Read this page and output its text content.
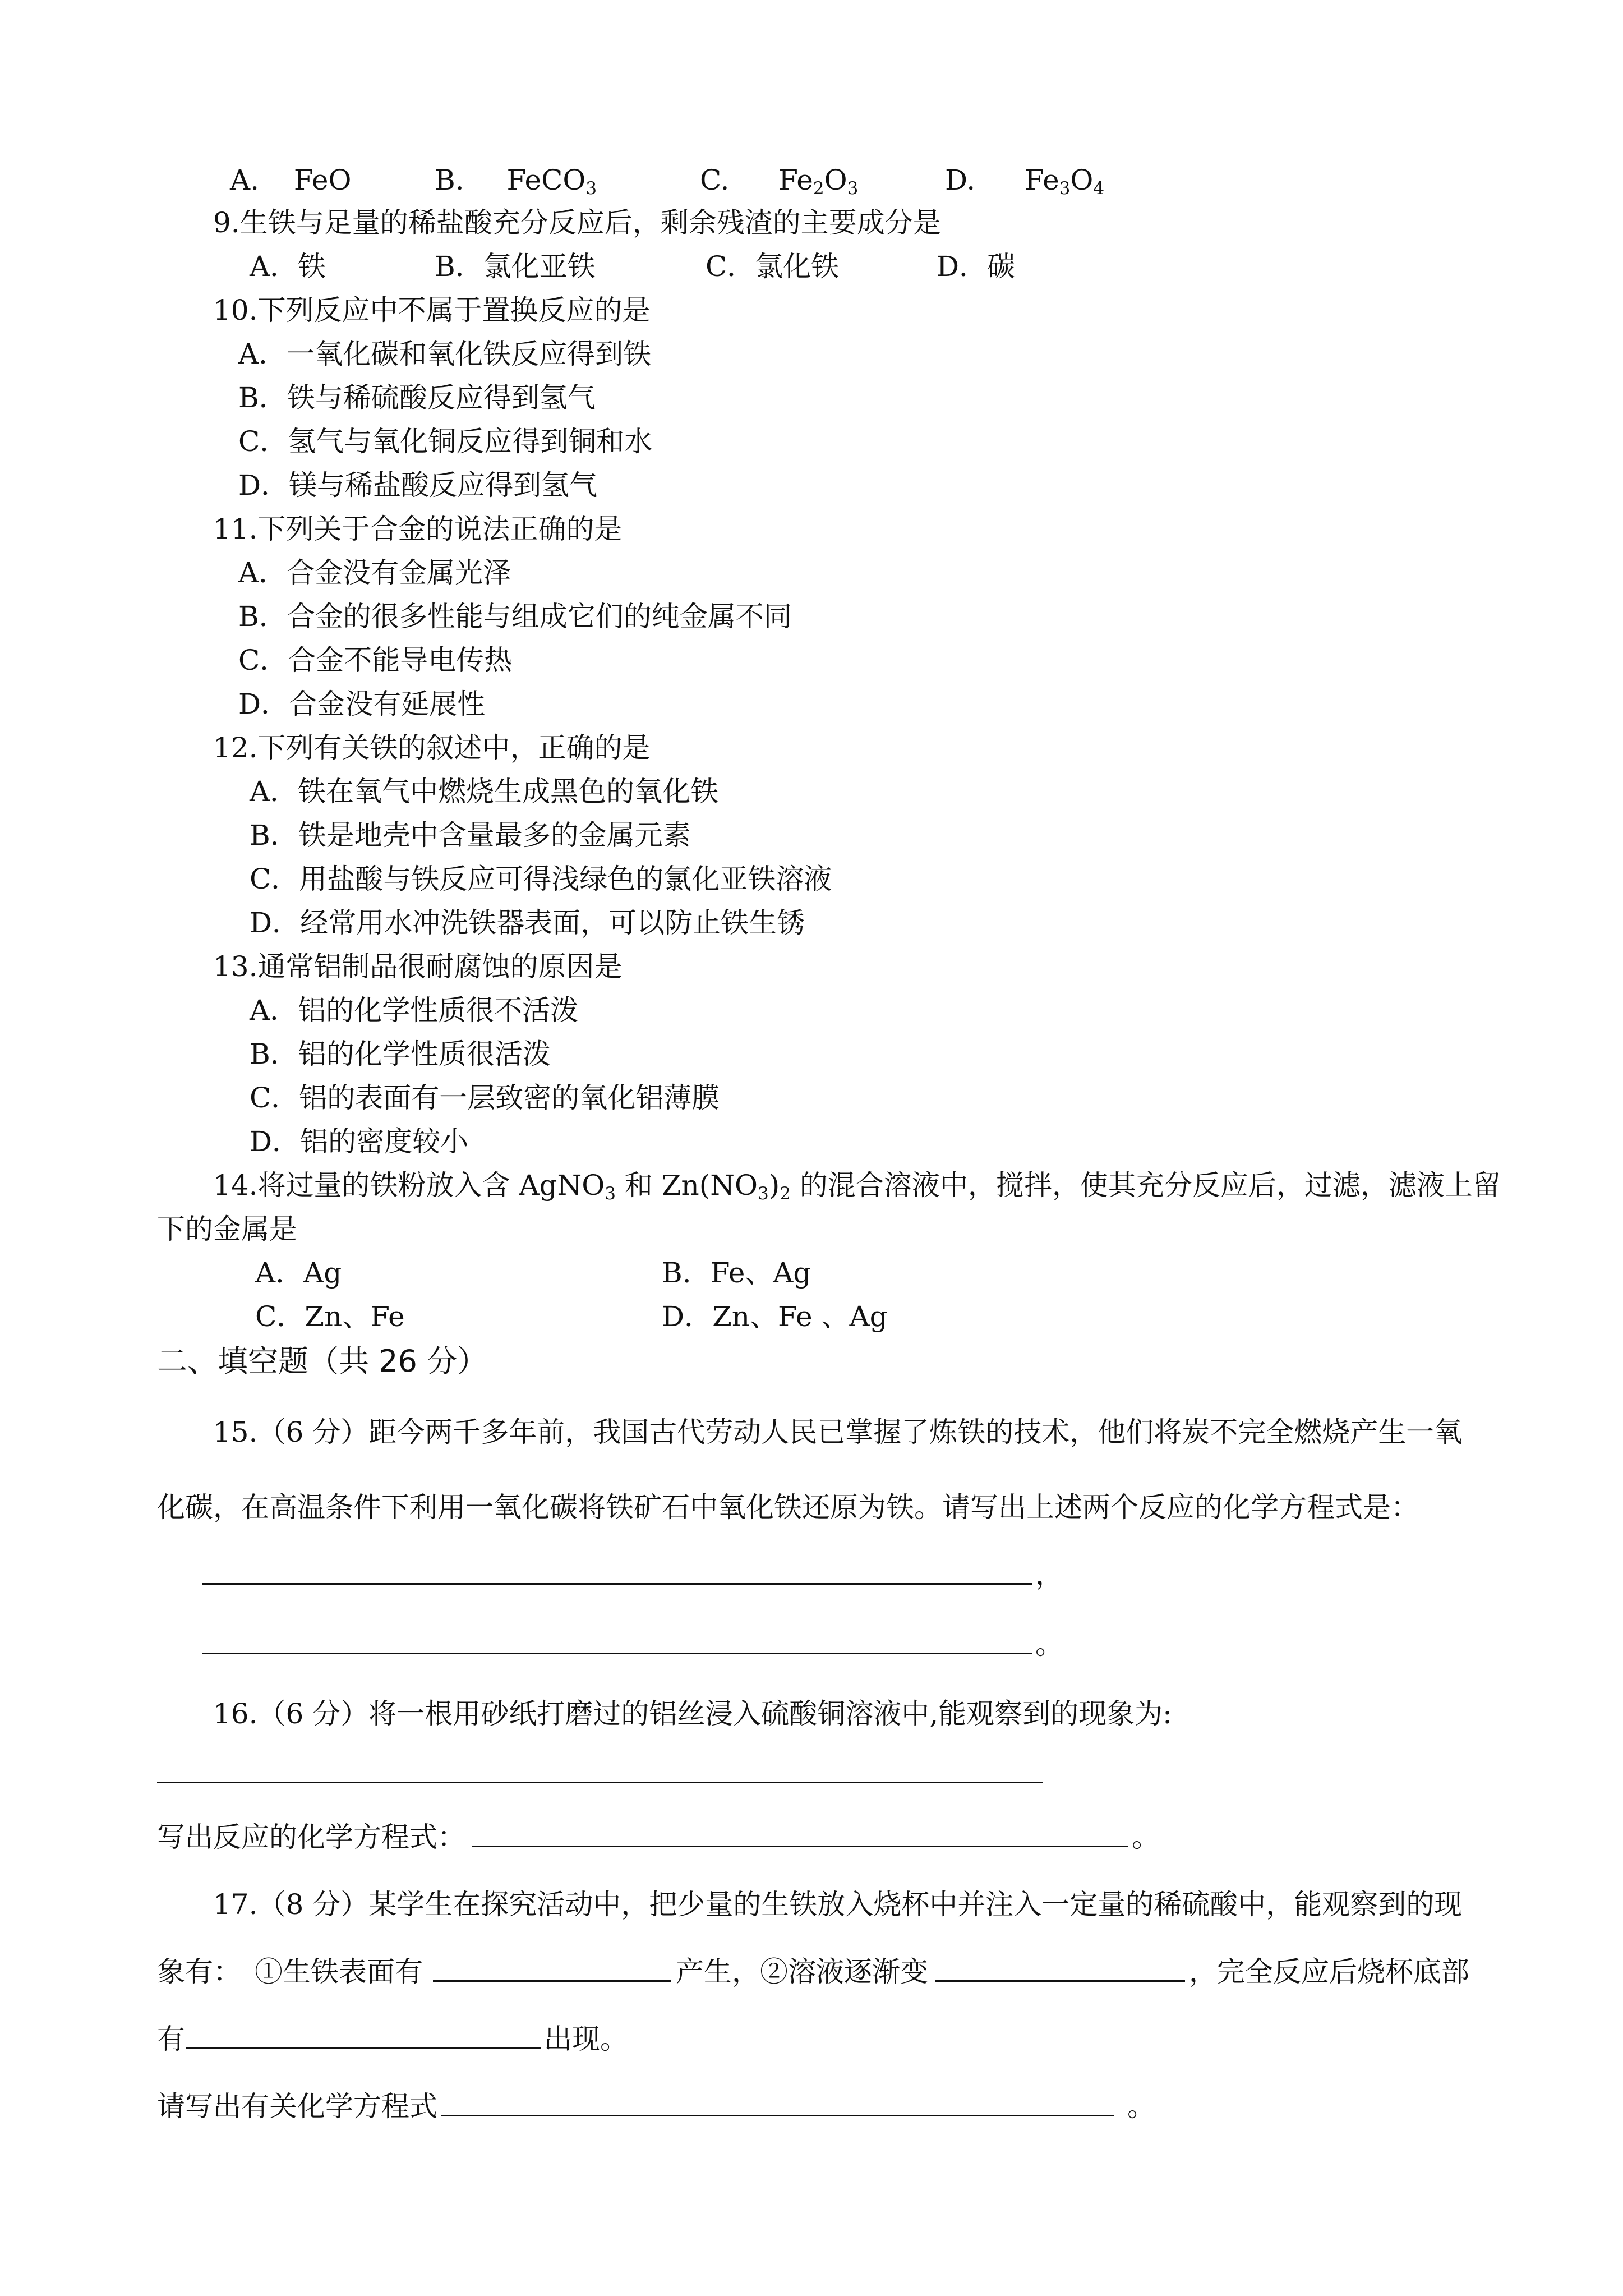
A. FeO	B. FeCO$_3$	C. $Fe_2O_3$	D. $Fe_3O_4$
9.生铁与足量的稀盐酸充分反应后，剩余残渣的主要成分是
A．铁	B．氯化亚铁	C．氯化铁	D．碳
10.下列反应中不属于置换反应的是
A．一氧化碳和氧化铁反应得到铁
B．铁与稀硫酸反应得到氢气
C．氢气与氧化铜反应得到铜和水
D．镁与稀盐酸反应得到氢气
11.下列关于合金的说法正确的是
A．合金没有金属光泽
B．合金的很多性能与组成它们的纯金属不同
C．合金不能导电传热
D．合金没有延展性
12.下列有关铁的叙述中，正确的是
A．铁在氧气中燃烧生成黑色的氧化铁
B．铁是地壳中含量最多的金属元素
C．用盐酸与铁反应可得浅绿色的氯化亚铁溶液
D．经常用水冲洗铁器表面，可以防止铁生锈
13.通常铝制品很耐腐蚀的原因是
A．铝的化学性质很不活泼
B．铝的化学性质很活泼
C．铝的表面有一层致密的氧化铝薄膜
D．铝的密度较小
14.将过量的铁粉放入含 AgNO$_3$ 和 $Zn(NO_3)_2$ 的混合溶液中，搅拌，使其充分反应后，过滤，滤液上留
下的金属是
A．Ag	B．Fe、Ag
C．Zn、Fe	D．Zn、Fe 、Ag
二、填空题（共 26 分）
15.（6 分）距今两千多年前，我国古代劳动人民已掌握了炼铁的技术，他们将炭不完全燃烧产生一氧
化碳，在高温条件下利用一氧化碳将铁矿石中氧化铁还原为铁。请写出上述两个反应的化学方程式是：
，
。
16.（6 分）将一根用砂纸打磨过的铝丝浸入硫酸铜溶液中,能观察到的现象为:
写出反应的化学方程式：	。
17.（8 分）某学生在探究活动中，把少量的生铁放入烧杯中并注入一定量的稀硫酸中，能观察到的现
象有： ①生铁表面有	产生，②溶液逐渐变	，完全反应后烧杯底部
有	出现。
请写出有关化学方程式	。
